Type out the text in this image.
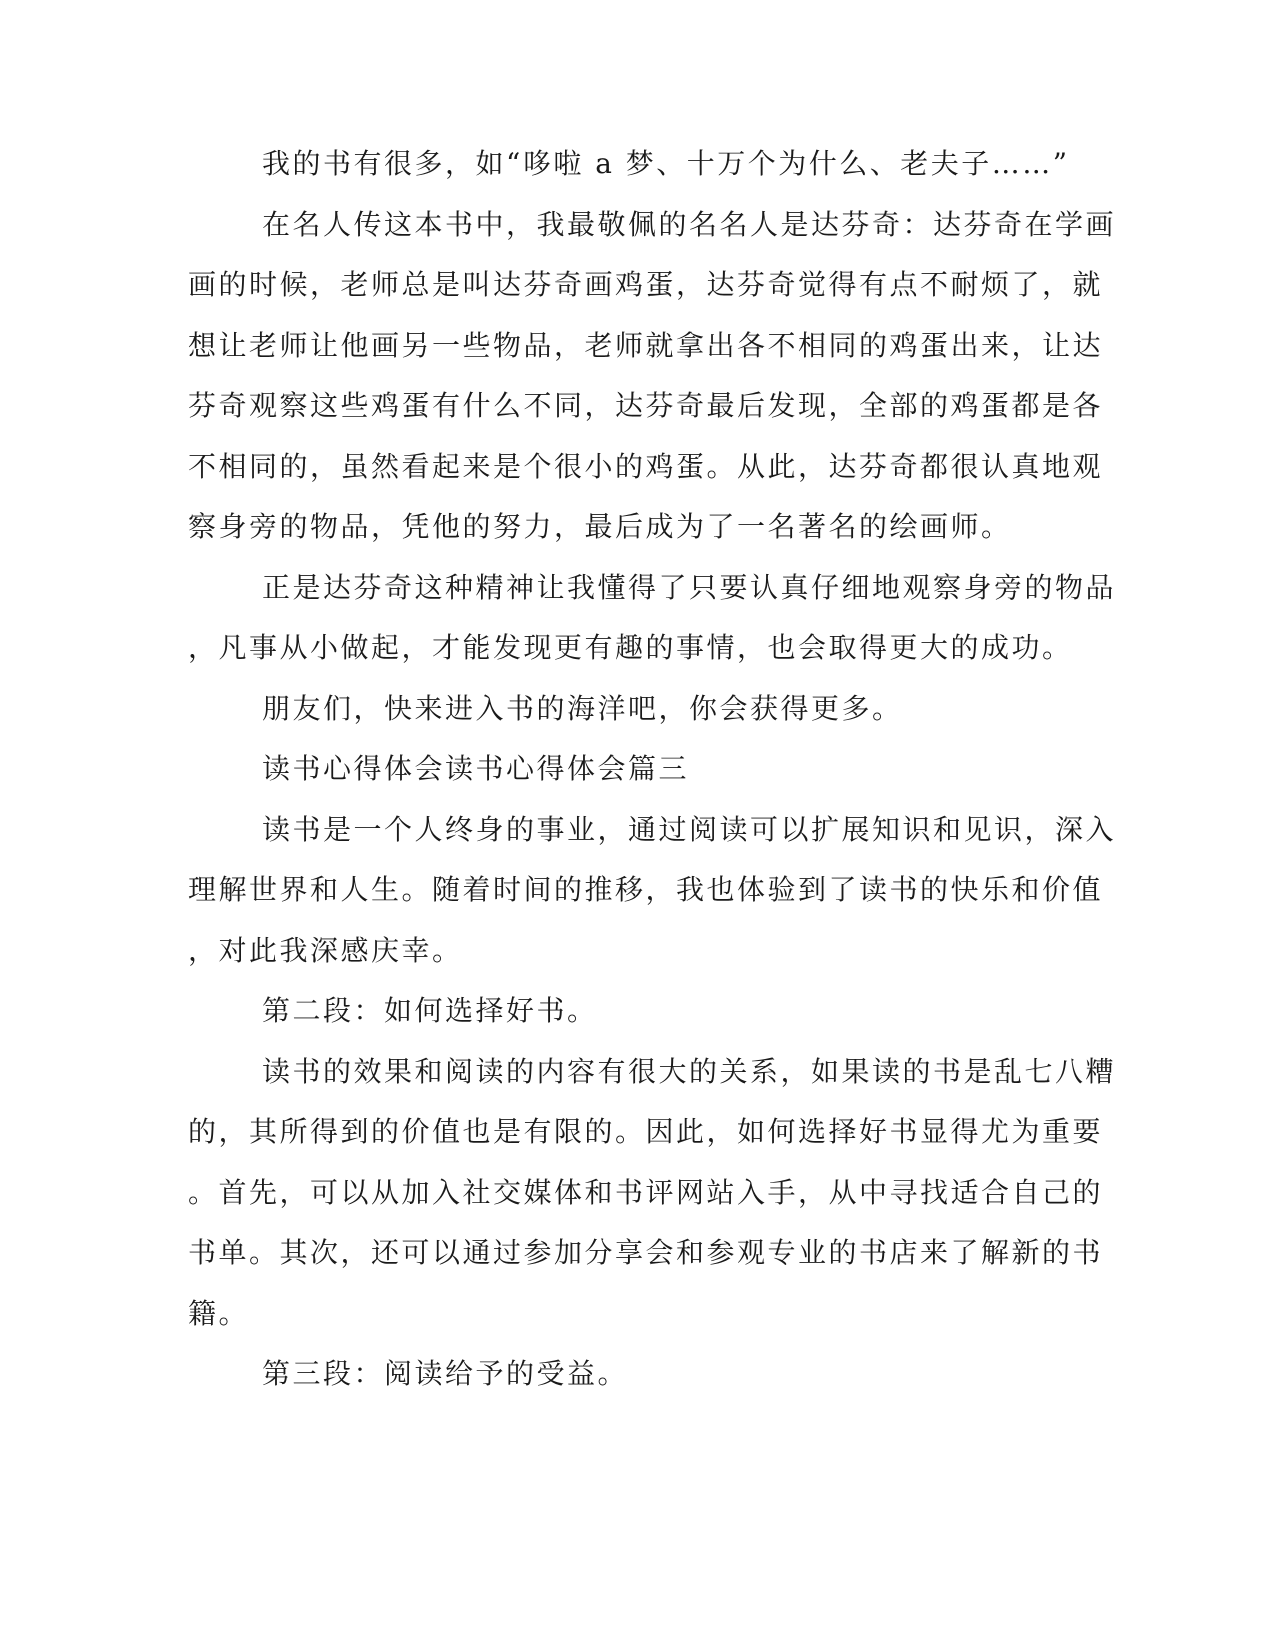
我的书有很多，如“哆啦 a 梦、十万个为什么、老夫子……”
在名人传这本书中，我最敬佩的名名人是达芬奇：达芬奇在学画
画的时候，老师总是叫达芬奇画鸡蛋，达芬奇觉得有点不耐烦了，就
想让老师让他画另一些物品，老师就拿出各不相同的鸡蛋出来，让达
芬奇观察这些鸡蛋有什么不同，达芬奇最后发现，全部的鸡蛋都是各
不相同的，虽然看起来是个很小的鸡蛋。从此，达芬奇都很认真地观
察身旁的物品，凭他的努力，最后成为了一名著名的绘画师。
正是达芬奇这种精神让我懂得了只要认真仔细地观察身旁的物品
，凡事从小做起，才能发现更有趣的事情，也会取得更大的成功。
朋友们，快来进入书的海洋吧，你会获得更多。
读书心得体会读书心得体会篇三
读书是一个人终身的事业，通过阅读可以扩展知识和见识，深入
理解世界和人生。随着时间的推移，我也体验到了读书的快乐和价值
，对此我深感庆幸。
第二段：如何选择好书。
读书的效果和阅读的内容有很大的关系，如果读的书是乱七八糟
的，其所得到的价值也是有限的。因此，如何选择好书显得尤为重要
。首先，可以从加入社交媒体和书评网站入手，从中寻找适合自己的
书单。其次，还可以通过参加分享会和参观专业的书店来了解新的书
籍。
第三段：阅读给予的受益。
